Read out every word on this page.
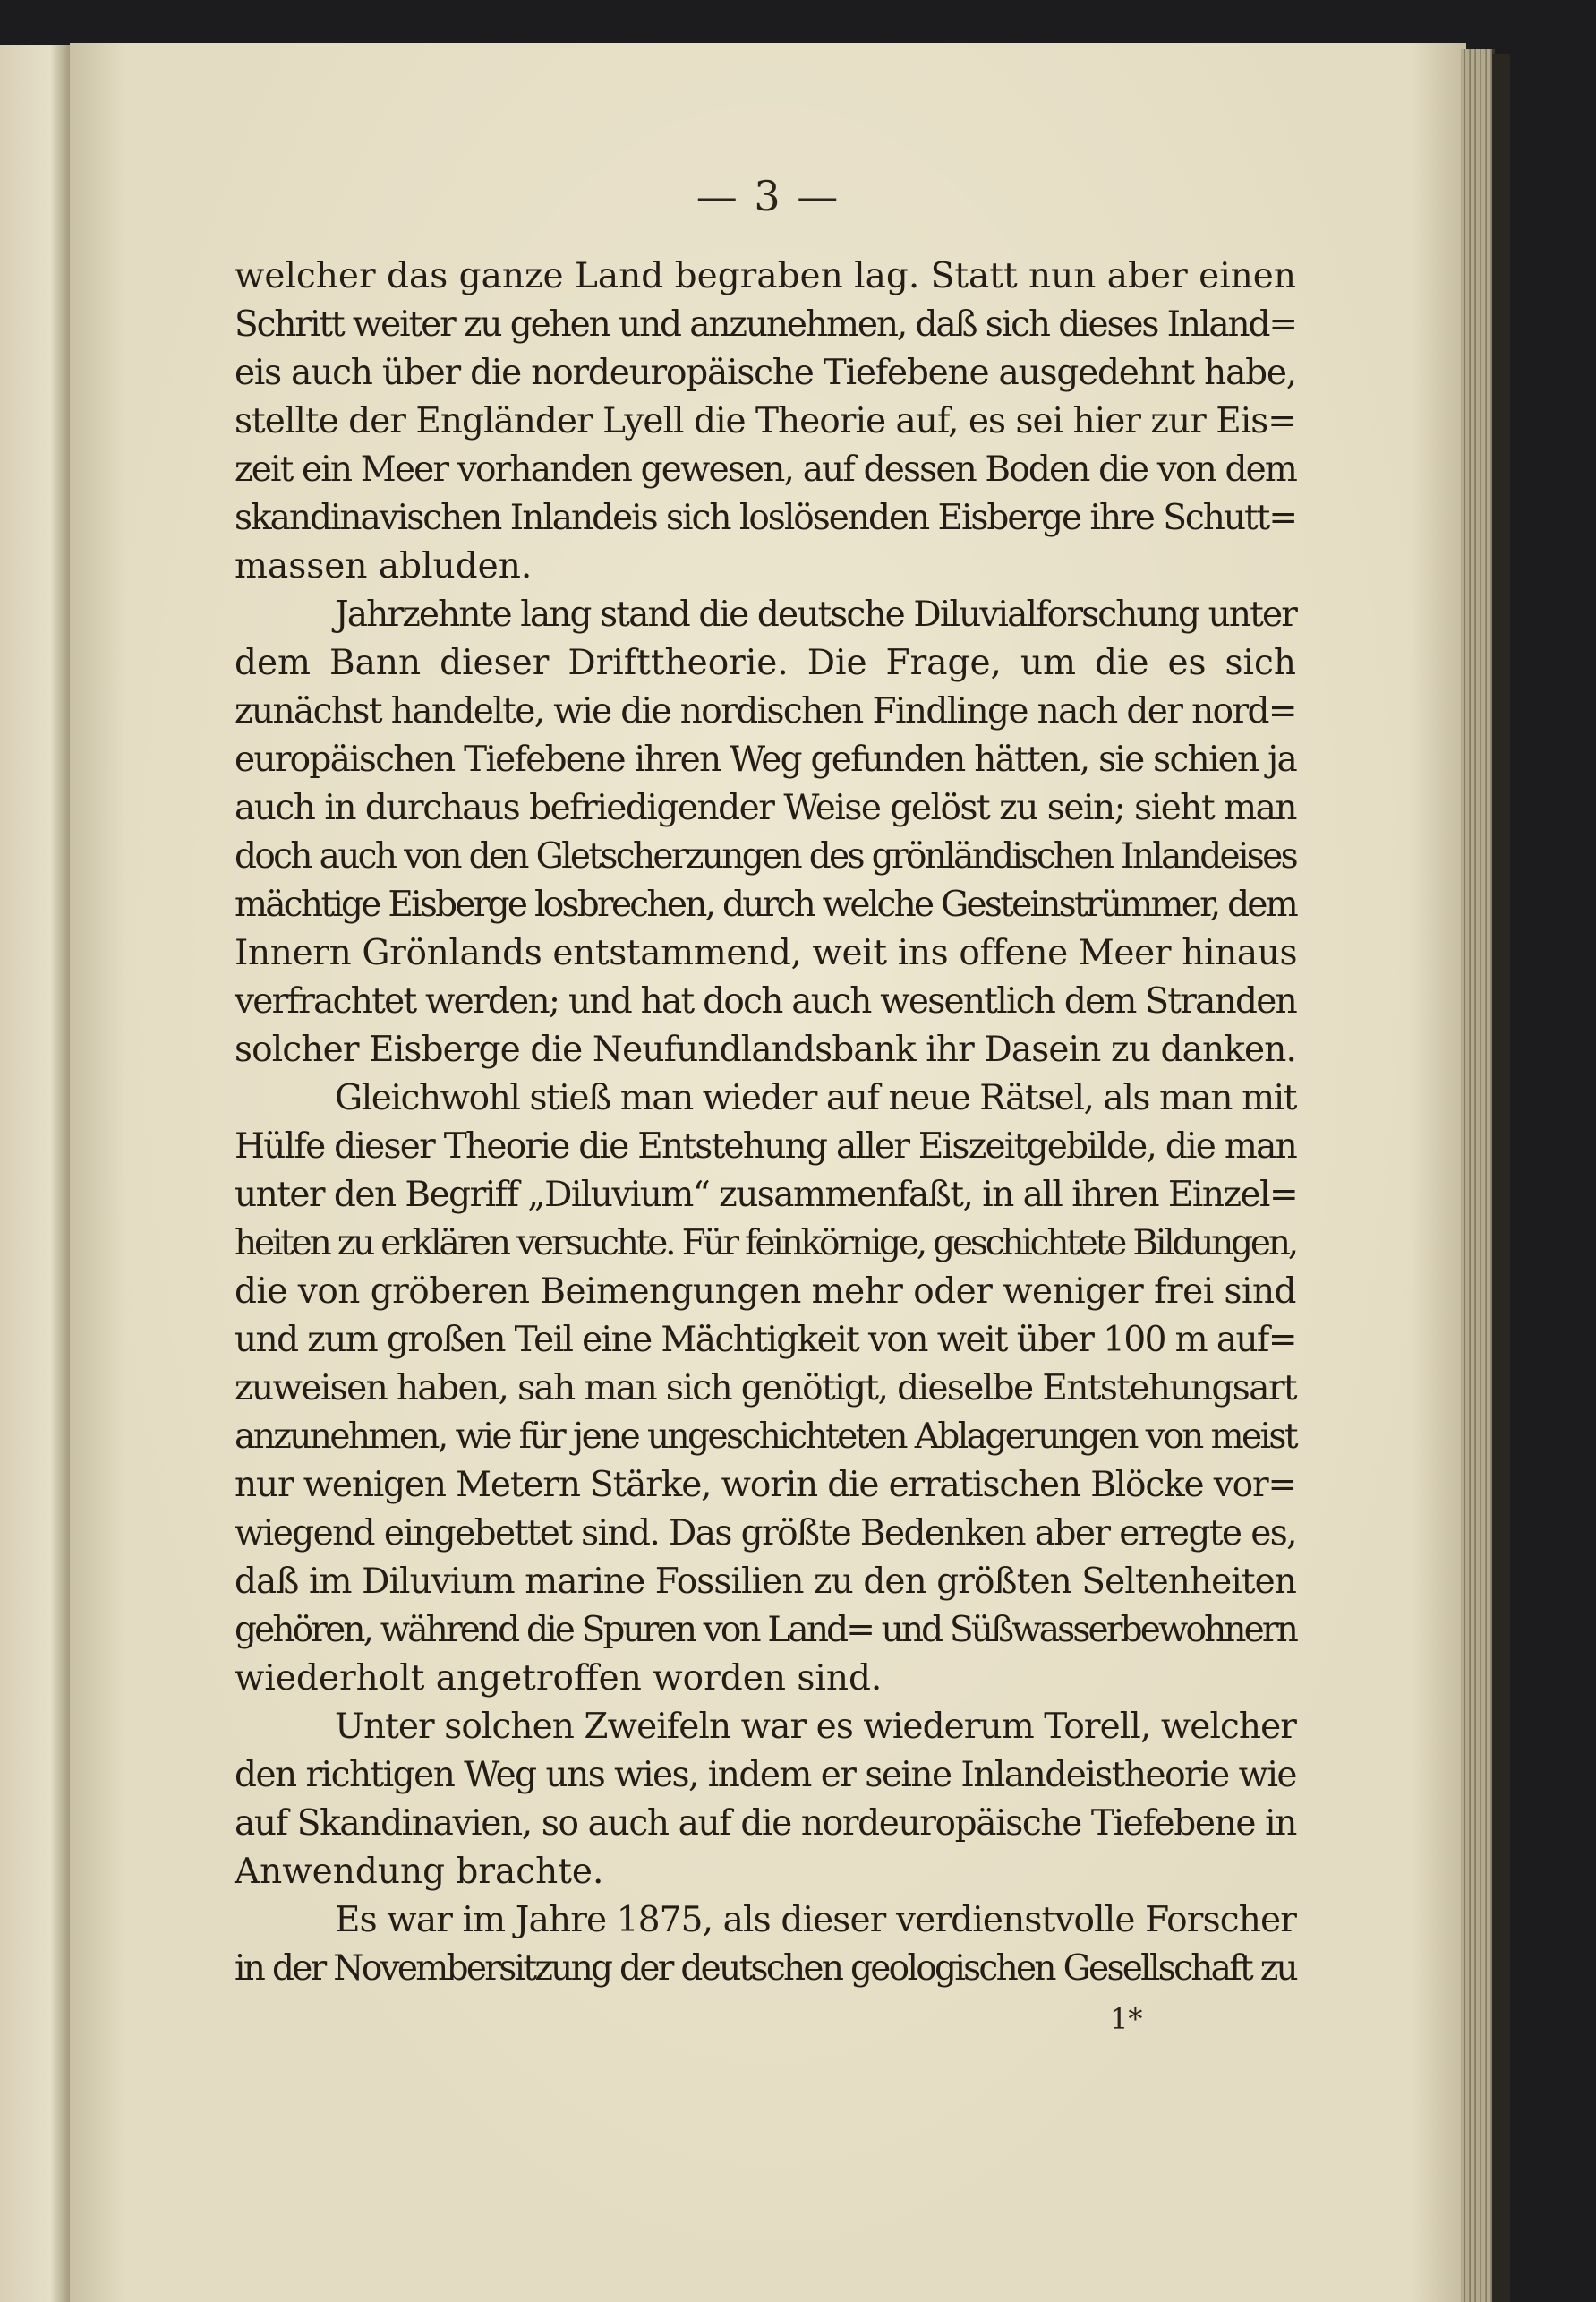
— 3 —
welcher das ganze Land begraben lag. Statt nun aber einen
Schritt weiter zu gehen und anzunehmen, daß sich dieses Inland=
eis auch über die nordeuropäische Tiefebene ausgedehnt habe,
stellte der Engländer Lyell die Theorie auf, es sei hier zur Eis=
zeit ein Meer vorhanden gewesen, auf dessen Boden die von dem
skandinavischen Inlandeis sich loslösenden Eisberge ihre Schutt=
massen abluden.
Jahrzehnte lang stand die deutsche Diluvialforschung unter
dem Bann dieser Drifttheorie. Die Frage, um die es sich
zunächst handelte, wie die nordischen Findlinge nach der nord=
europäischen Tiefebene ihren Weg gefunden hätten, sie schien ja
auch in durchaus befriedigender Weise gelöst zu sein; sieht man
doch auch von den Gletscherzungen des grönländischen Inlandeises
mächtige Eisberge losbrechen, durch welche Gesteinstrümmer, dem
Innern Grönlands entstammend, weit ins offene Meer hinaus
verfrachtet werden; und hat doch auch wesentlich dem Stranden
solcher Eisberge die Neufundlandsbank ihr Dasein zu danken.
Gleichwohl stieß man wieder auf neue Rätsel, als man mit
Hülfe dieser Theorie die Entstehung aller Eiszeitgebilde, die man
unter den Begriff „Diluvium“ zusammenfaßt, in all ihren Einzel=
heiten zu erklären versuchte. Für feinkörnige, geschichtete Bildungen,
die von gröberen Beimengungen mehr oder weniger frei sind
und zum großen Teil eine Mächtigkeit von weit über 100 m auf=
zuweisen haben, sah man sich genötigt, dieselbe Entstehungsart
anzunehmen, wie für jene ungeschichteten Ablagerungen von meist
nur wenigen Metern Stärke, worin die erratischen Blöcke vor=
wiegend eingebettet sind. Das größte Bedenken aber erregte es,
daß im Diluvium marine Fossilien zu den größten Seltenheiten
gehören, während die Spuren von Land= und Süßwasserbewohnern
wiederholt angetroffen worden sind.
Unter solchen Zweifeln war es wiederum Torell, welcher
den richtigen Weg uns wies, indem er seine Inlandeistheorie wie
auf Skandinavien, so auch auf die nordeuropäische Tiefebene in
Anwendung brachte.
Es war im Jahre 1875, als dieser verdienstvolle Forscher
in der Novembersitzung der deutschen geologischen Gesellschaft zu
1*
